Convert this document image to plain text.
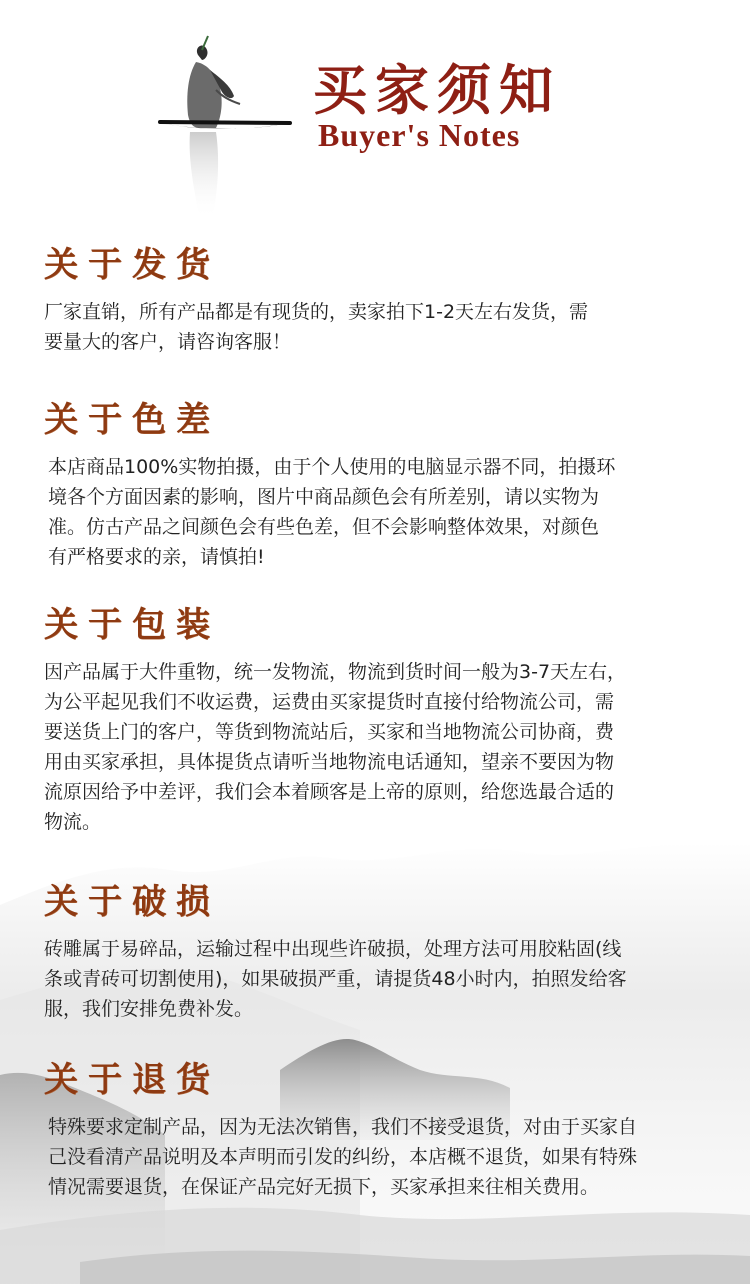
买家须知
Buyer's Notes
关于发货
厂家直销，所有产品都是有现货的，卖家拍下1-2天左右发货，需
要量大的客户，请咨询客服！
关于色差
本店商品100%实物拍摄，由于个人使用的电脑显示器不同，拍摄环
境各个方面因素的影响，图片中商品颜色会有所差别，请以实物为
准。仿古产品之间颜色会有些色差，但不会影响整体效果，对颜色
有严格要求的亲，请慎拍!
关于包装
因产品属于大件重物，统一发物流，物流到货时间一般为3-7天左右，
为公平起见我们不收运费，运费由买家提货时直接付给物流公司，需
要送货上门的客户，等货到物流站后，买家和当地物流公司协商，费
用由买家承担，具体提货点请听当地物流电话通知，望亲不要因为物
流原因给予中差评，我们会本着顾客是上帝的原则，给您选最合适的
物流。
关于破损
砖雕属于易碎品，运输过程中出现些许破损，处理方法可用胶粘固(线
条或青砖可切割使用)，如果破损严重，请提货48小时内，拍照发给客
服，我们安排免费补发。
关于退货
特殊要求定制产品，因为无法次销售，我们不接受退货，对由于买家自
己没看清产品说明及本声明而引发的纠纷，本店概不退货，如果有特殊
情况需要退货，在保证产品完好无损下，买家承担来往相关费用。
